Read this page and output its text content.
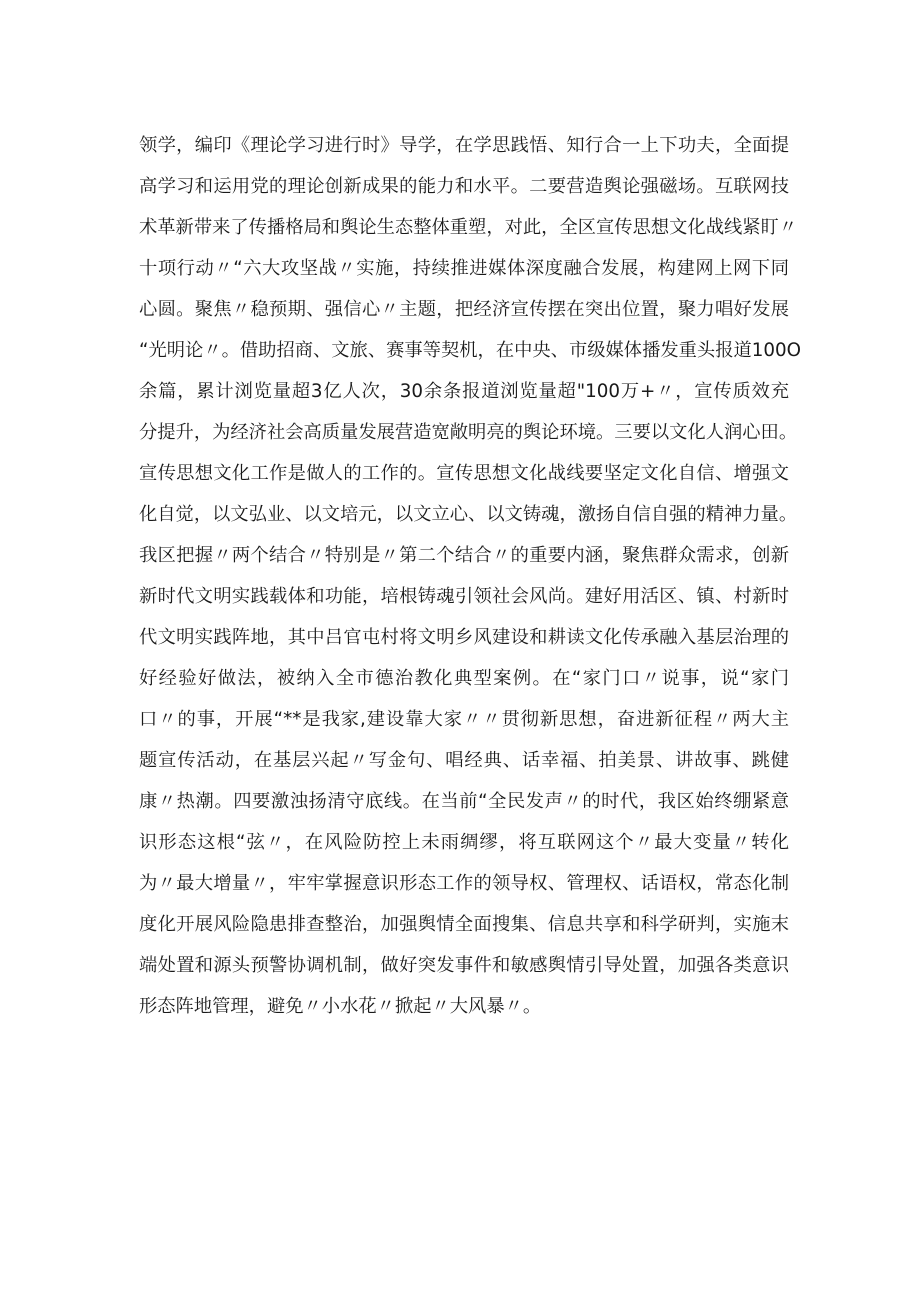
领学，编印《理论学习进行时》导学，在学思践悟、知行合一上下功夫，全面提
高学习和运用党的理论创新成果的能力和水平。二要营造舆论强磁场。互联网技
术革新带来了传播格局和舆论生态整体重塑，对此，全区宣传思想文化战线紧盯〃
十项行动〃“六大攻坚战〃实施，持续推进媒体深度融合发展，构建网上网下同
心圆。聚焦〃稳预期、强信心〃主题，把经济宣传摆在突出位置，聚力唱好发展
“光明论〃。借助招商、文旅、赛事等契机，在中央、市级媒体播发重头报道100O
余篇，累计浏览量超3亿人次，30余条报道浏览量超"100万+〃，宣传质效充
分提升，为经济社会高质量发展营造宽敞明亮的舆论环境。三要以文化人润心田。
宣传思想文化工作是做人的工作的。宣传思想文化战线要坚定文化自信、增强文
化自觉，以文弘业、以文培元，以文立心、以文铸魂，激扬自信自强的精神力量。
我区把握〃两个结合〃特别是〃第二个结合〃的重要内涵，聚焦群众需求，创新
新时代文明实践载体和功能，培根铸魂引领社会风尚。建好用活区、镇、村新时
代文明实践阵地，其中吕官屯村将文明乡风建设和耕读文化传承融入基层治理的
好经验好做法，被纳入全市德治教化典型案例。在“家门口〃说事，说“家门
口〃的事，开展“**是我家,建设靠大家〃〃贯彻新思想，奋进新征程〃两大主
题宣传活动，在基层兴起〃写金句、唱经典、话幸福、拍美景、讲故事、跳健
康〃热潮。四要激浊扬清守底线。在当前“全民发声〃的时代，我区始终绷紧意
识形态这根“弦〃，在风险防控上未雨绸缪，将互联网这个〃最大变量〃转化
为〃最大增量〃，牢牢掌握意识形态工作的领导权、管理权、话语权，常态化制
度化开展风险隐患排查整治，加强舆情全面搜集、信息共享和科学研判，实施末
端处置和源头预警协调机制，做好突发事件和敏感舆情引导处置，加强各类意识
形态阵地管理，避免〃小水花〃掀起〃大风暴〃。
